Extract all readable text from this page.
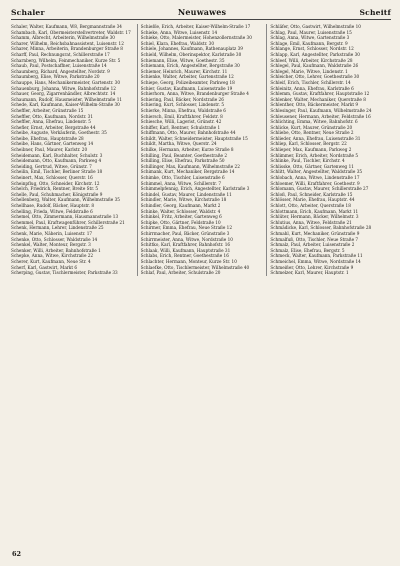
Schaler	Neuwawes	Scheitf
Schaler, Walter, Kaufmann, W8, Bergmannstraße 34
Schambach, Karl, Obermeisterstellvertreter, Waldstr. 17
Schamm, Albrecht, Arbeiterin, Wilhelmstraße 30
Scharer, Wilhelm, Reichsbahnassistent, Luisenstr. 12
Scharer, Minna, Arbeiterin, Brandenburger Straße 8
Scharff, Paul, Rechnungsrat, Schillerstraße 17
Scharnberg, Wilhelm, Feinmechaniker, Kurze Str. 5
Schaub, Paul, Postschaffner, Luisenstraße 14
Schaumberg, Richard, Angestellter, Nordstr. 9
Schaumberg, Elise, Witwe, Parkstraße 20
Schauppe, Hans, Mechanikermeister, Gartenstr. 30
Schauenburg, Johanna, Witwe, Bahnhofstraße 12
Schauer, Georg, Zigarrenhändler, Albrechtstr. 14
Schaumann, Rudolf, Hausmeister, Wilhelmstraße 11
Schede, Karl, Kaufmann, Kaiser-Wilhelm-Straße 30
Scheffler, Arbeiter, Grünstraße 15
Scheffler, Otto, Kaufmann, Nordstr. 31
Scheffler, Anna, Ehefrau, Lindenstr. 5
Schefler, Ernst, Arbeiter, Bergstraße 44
Scheibe, Auguste, Verkäuferin, Goethestr. 35
Scheibe, Ehefrau, Hauptstraße 28
Scheibe, Hans, Gärtner, Gartenweg 14
Scheibner, Paul, Maurer, Karlstr. 20
Scheidemann, Karl, Buchhalter, Schulstr. 3
Scheidemann, Otto, Kaufmann, Parkweg 4
Scheiding, Gertrud, Witwe, Grünstr. 7
Scheilin, Emil, Tischler, Berliner Straße 18
Scheinert, Max, Schlosser, Querstr. 16
Scheinpflug, Otto, Schneider, Kirchstr. 12
Schelch, Friedrich, Rentner, Breite Str. 5
Schelle, Paul, Schuhmacher, Königstraße 9
Schellenberg, Walter, Kaufmann, Wilhelmstraße 35
Schellhase, Rudolf, Bäcker, Hauptstr. 8
Schelling, Frieda, Witwe, Feldstraße 6
Schemel, Otto, Zimmermann, Hausmannstraße 13
Schemmel, Paul, Kraftwagenführer, Schillerstraße 21
Schenk, Hermann, Lehrer, Lindenstraße 25
Schenk, Marie, Näherin, Luisenstr. 17
Schenke, Otto, Schlosser, Waldstraße 14
Schenkel, Walter, Monteur, Bergstr. 3
Schenker, Willi, Arbeiter, Bahnhofstraße 1
Schepke, Anna, Witwe, Kirchstraße 22
Scherer, Kurt, Kaufmann, Neue Str. 4
Scherf, Karl, Gastwirt, Markt 6
Scherping, Gustav, Tischlermeister, Parkstraße 33
Schießle, Erich, Arbeiter, Kaiser-Wilhelm-Straße 17
Schieke, Anna, Witwe, Luisenstr. 14
Schieke, Otto, Malermeister, Hohenzollernstraße 30
Schiel, Klara, Ehefrau, Waldstr. 30
Schiele, Johannes, Kaufmann, Rathenauplatz 39
Schield, Wilhelm, Oberinspektor, Karlstraße 30
Schiemann, Elise, Witwe, Goethestr. 35
Schiemann, Erich, Angestellter, Bergstraße 30
Schiemer, Heinrich, Maurer, Kirchstr. 11
Schienke, Walter, Arbeiter, Gartenstraße 12
Schiepe, Georg, Polizeibeamter, Parkweg 18
Schier, Gustav, Kaufmann, Luisenstraße 19
Schierhorn, Anna, Witwe, Brandenburger Straße 4
Schiering, Paul, Bäcker, Nordstraße 26
Schiering, Kurt, Schlosser, Lindenstr. 5
Schierke, Minna, Ehefrau, Waldstraße 6
Schiersch, Emil, Kraftfahrer, Feldstr. 8
Schiesche, Willi, Lagerist, Grünstr. 42
Schiffer, Karl, Rentner, Schulstraße 1
Schiffmann, Otto, Maurer, Bahnhofstraße 44
Schildt, Walter, Schneidermeister, Hauptstraße 15
Schildt, Martha, Witwe, Querstr. 24
Schilke, Hermann, Arbeiter, Kurze Straße 8
Schilling, Paul, Beamter, Goethestraße 2
Schilling, Elise, Ehefrau, Parkstraße 50
Schillinger, Max, Kaufmann, Wilhelmstraße 22
Schimank, Kurt, Mechaniker, Bergstraße 14
Schimke, Otto, Tischler, Luisenstraße 6
Schimmel, Anna, Witwe, Schillerstr. 7
Schimmelpfennig, Erich, Angestellter, Karlstraße 3
Schindel, Gustav, Maurer, Lindenstraße 11
Schindler, Marie, Witwe, Kirchstraße 18
Schindler, Georg, Kaufmann, Markt 2
Schinke, Walter, Schlosser, Waldstr. 4
Schinkel, Fritz, Arbeiter, Gartenweg 6
Schipke, Otto, Gärtner, Feldstraße 10
Schirmer, Emma, Ehefrau, Neue Straße 12
Schirrmacher, Paul, Bäcker, Grünstraße 3
Schirrmeister, Anna, Witwe, Nordstraße 10
Schittko, Karl, Kraftfahrer, Bahnhofstr. 16
Schlaak, Willi, Kaufmann, Hauptstraße 31
Schlabs, Erich, Rentner, Goethestraße 16
Schlachter, Hermann, Monteur, Kurze Str. 10
Schlaefke, Otto, Tischlermeister, Wilhelmstraße 40
Schlaf, Paul, Arbeiter, Schulstraße 20
Schläfer, Otto, Gastwirt, Wilhelmstraße 10
Schlag, Paul, Maurer, Luisenstraße 15
Schlag, Anna, Witwe, Gartenstraße 3
Schlage, Emil, Kaufmann, Bergstr. 9
Schlange, Ernst, Schlosser, Nordstr. 12
Schlapp, Karl, Angestellter, Parkstraße 30
Schleef, Willi, Arbeiter, Kirchstraße 28
Schlegel, Paul, Kaufmann, Waldstraße 26
Schlegel, Marie, Witwe, Lindenstr. 1
Schleicher, Otto, Lehrer, Goethestraße 30
Schleif, Erich, Tischler, Schillerstr. 14
Schleinitz, Anna, Ehefrau, Karlstraße 6
Schlemm, Gustav, Kraftfahrer, Hauptstraße 12
Schlenker, Walter, Mechaniker, Querstraße 8
Schlenther, Otto, Bäckermeister, Markt 9
Schlesinger, Paul, Kaufmann, Wilhelmstraße 24
Schleusener, Hermann, Arbeiter, Feldstraße 16
Schlichting, Emma, Witwe, Bahnhofstr. 6
Schlicke, Kurt, Maurer, Grünstraße 20
Schliebe, Otto, Rentner, Neue Straße 2
Schlieder, Anna, Ehefrau, Luisenstraße 31
Schliep, Karl, Schlosser, Bergstr. 22
Schlieper, Max, Kaufmann, Parkweg 2
Schlimmer, Erich, Arbeiter, Nordstraße 5
Schlinke, Paul, Tischler, Kirchstr. 4
Schlisske, Otto, Gärtner, Gartenweg 11
Schlitt, Walter, Angestellter, Waldstraße 35
Schlobach, Anna, Witwe, Lindenstraße 17
Schloemer, Willi, Kraftfahrer, Goethestr. 9
Schlomann, Gustav, Maurer, Schillerstraße 27
Schloß, Paul, Schneider, Karlstraße 15
Schlösser, Marie, Ehefrau, Hauptstr. 44
Schlott, Otto, Arbeiter, Querstraße 18
Schlottmann, Erich, Kaufmann, Markt 11
Schlüter, Hermann, Bäcker, Wilhelmstr. 3
Schlutius, Anna, Witwe, Feldstraße 21
Schmädicke, Karl, Schlosser, Bahnhofstraße 28
Schmahl, Kurt, Mechaniker, Grünstraße 9
Schmalfuß, Otto, Tischler, Neue Straße 7
Schmalz, Paul, Arbeiter, Luisenstraße 2
Schmalz, Elise, Ehefrau, Bergstr. 5
Schmeck, Walter, Kaufmann, Parkstraße 11
Schmeichel, Emma, Witwe, Nordstraße 14
Schmeißer, Otto, Lehrer, Kirchstraße 9
Schmelzer, Karl, Maurer, Hauptstr. 1
62
